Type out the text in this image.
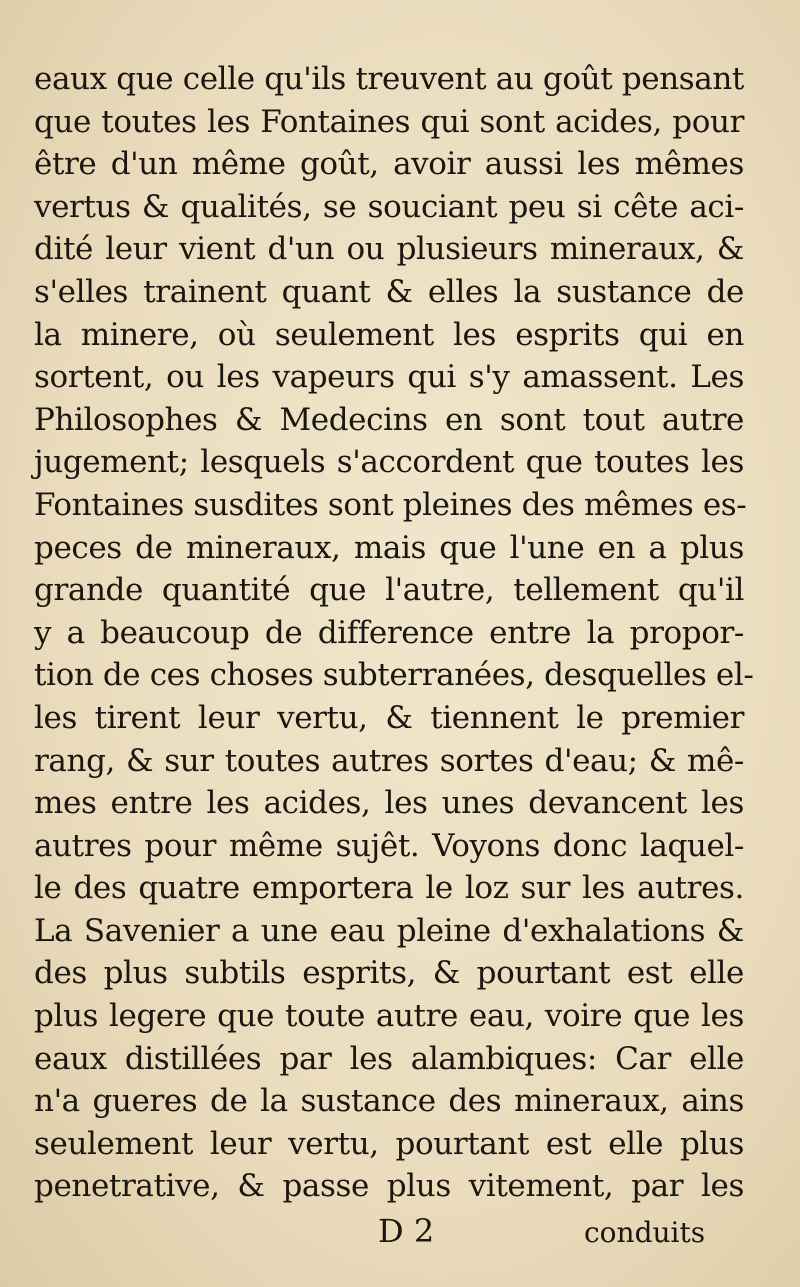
eaux que celle qu'ils treuvent au goût pensant
que toutes les Fontaines qui sont acides, pour
être d'un même goût, avoir aussi les mêmes
vertus & qualités, se souciant peu si cête aci-
dité leur vient d'un ou plusieurs mineraux, &
s'elles trainent quant & elles la sustance de
la minere, où seulement les esprits qui en
sortent, ou les vapeurs qui s'y amassent. Les
Philosophes & Medecins en sont tout autre
jugement; lesquels s'accordent que toutes les
Fontaines susdites sont pleines des mêmes es-
peces de mineraux, mais que l'une en a plus
grande quantité que l'autre, tellement qu'il
y a beaucoup de difference entre la propor-
tion de ces choses subterranées, desquelles el-
les tirent leur vertu, & tiennent le premier
rang, & sur toutes autres sortes d'eau; & mê-
mes entre les acides, les unes devancent les
autres pour même sujêt. Voyons donc laquel-
le des quatre emportera le loz sur les autres.
La Savenier a une eau pleine d'exhalations &
des plus subtils esprits, & pourtant est elle
plus legere que toute autre eau, voire que les
eaux distillées par les alambiques: Car elle
n'a gueres de la sustance des mineraux, ains
seulement leur vertu, pourtant est elle plus
penetrative, & passe plus vitement, par les
D 2	conduits
